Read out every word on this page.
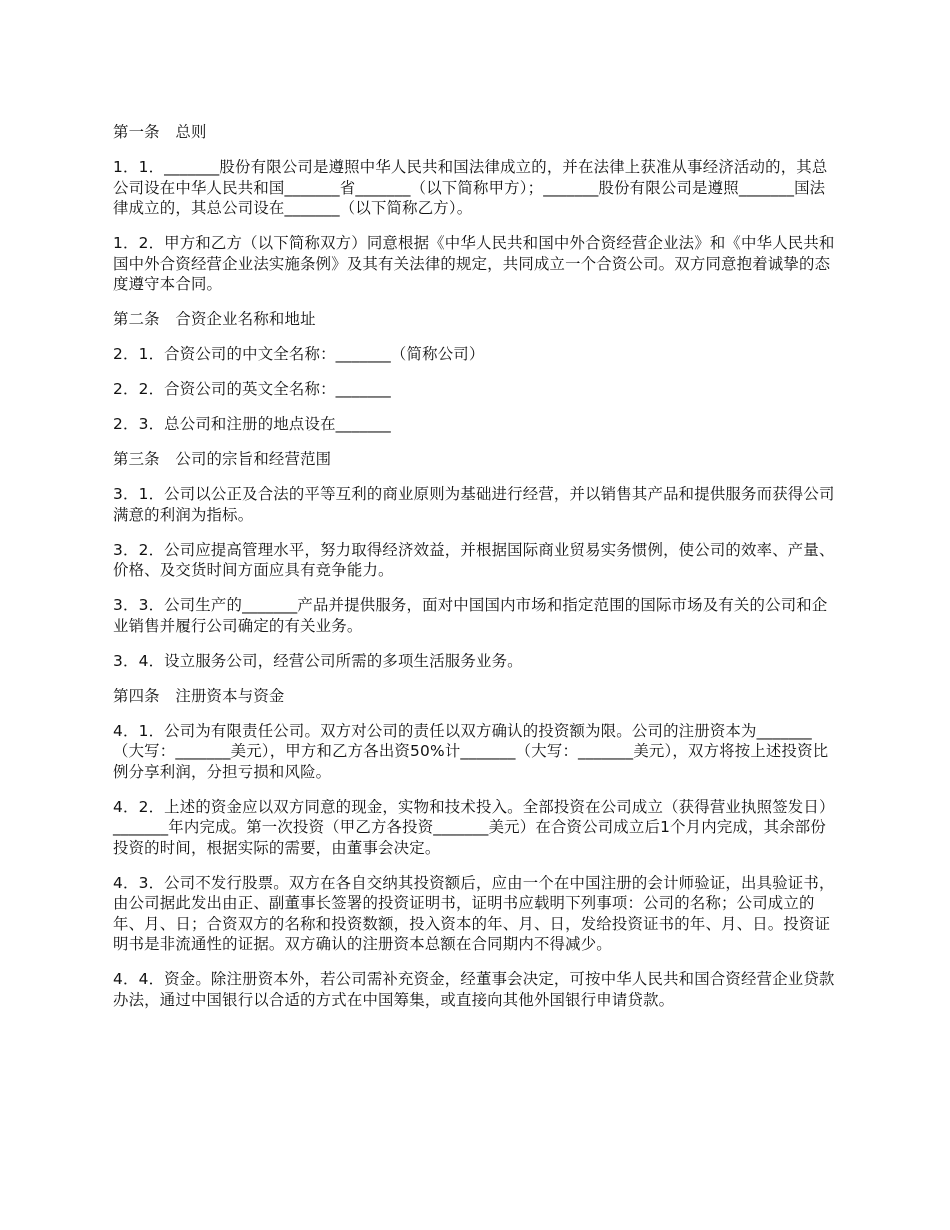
第一条　总则

1．1．_______股份有限公司是遵照中华人民共和国法律成立的，并在法律上获准从事经济活动的，其总公司设在中华人民共和国_______省_______（以下简称甲方）；_______股份有限公司是遵照_______国法律成立的，其总公司设在_______（以下简称乙方）。

1．2．甲方和乙方（以下简称双方）同意根据《中华人民共和国中外合资经营企业法》和《中华人民共和国中外合资经营企业法实施条例》及其有关法律的规定，共同成立一个合资公司。双方同意抱着诚挚的态度遵守本合同。

第二条　合资企业名称和地址

2．1．合资公司的中文全名称：_______（简称公司）

2．2．合资公司的英文全名称：_______

2．3．总公司和注册的地点设在_______

第三条　公司的宗旨和经营范围

3．1．公司以公正及合法的平等互利的商业原则为基础进行经营，并以销售其产品和提供服务而获得公司满意的利润为指标。

3．2．公司应提高管理水平，努力取得经济效益，并根据国际商业贸易实务惯例，使公司的效率、产量、价格、及交货时间方面应具有竞争能力。

3．3．公司生产的_______产品并提供服务，面对中国国内市场和指定范围的国际市场及有关的公司和企业销售并履行公司确定的有关业务。

3．4．设立服务公司，经营公司所需的多项生活服务业务。

第四条　注册资本与资金

4．1．公司为有限责任公司。双方对公司的责任以双方确认的投资额为限。公司的注册资本为_______（大写：_______美元），甲方和乙方各出资50%计_______（大写：_______美元），双方将按上述投资比例分享利润，分担亏损和风险。

4．2．上述的资金应以双方同意的现金，实物和技术投入。全部投资在公司成立（获得营业执照签发日）_______年内完成。第一次投资（甲乙方各投资_______美元）在合资公司成立后1个月内完成，其余部份投资的时间，根据实际的需要，由董事会决定。

4．3．公司不发行股票。双方在各自交纳其投资额后，应由一个在中国注册的会计师验证，出具验证书，由公司据此发出由正、副董事长签署的投资证明书，证明书应载明下列事项：公司的名称；公司成立的年、月、日；合资双方的名称和投资数额，投入资本的年、月、日，发给投资证书的年、月、日。投资证明书是非流通性的证据。双方确认的注册资本总额在合同期内不得减少。

4．4．资金。除注册资本外，若公司需补充资金，经董事会决定，可按中华人民共和国合资经营企业贷款办法，通过中国银行以合适的方式在中国筹集，或直接向其他外国银行申请贷款。
